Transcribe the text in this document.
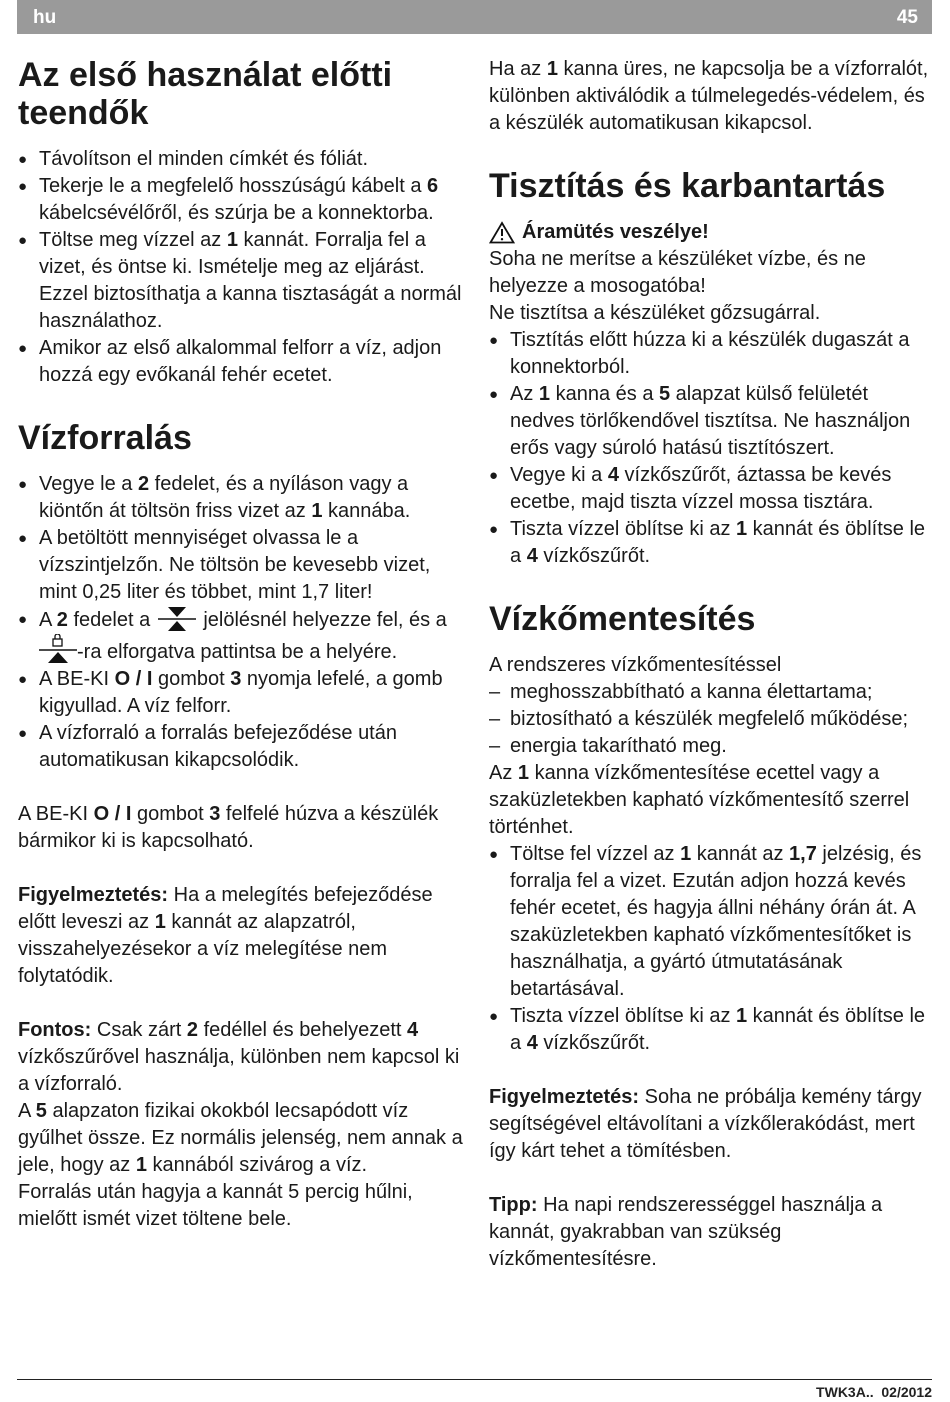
hu	45
Az első használat előtti teendők
● Távolítson el minden címkét és fóliát.
● Tekerje le a megfelelő hosszúságú kábelt a 6 kábelcsévélőről, és szúrja be a konnektorba.
● Töltse meg vízzel az 1 kannát. Forralja fel a vizet, és öntse ki. Ismételje meg az eljárást. Ezzel biztosíthatja a kanna tisztaságát a normál használathoz.
● Amikor az első alkalommal felforr a víz, adjon hozzá egy evőkanál fehér ecetet.
Vízforralás
● Vegye le a 2 fedelet, és a nyíláson vagy a kiöntőn át töltsön friss vizet az 1 kannába.
● A betöltött mennyiséget olvassa le a vízszintjelzőn. Ne töltsön be kevesebb vizet, mint 0,25 liter és többet, mint 1,7 liter!
● A 2 fedelet a  jelölésnél helyezze fel, és a -ra elforgatva pattintsa be a helyére.
● A BE-KI O / I gombot 3 nyomja lefelé, a gomb kigyullad. A víz felforr.
● A vízforraló a forralás befejeződése után automatikusan kikapcsolódik.
A BE-KI O / I gombot 3 felfelé húzva a készülék bármikor ki is kapcsolható.
Figyelmeztetés: Ha a melegítés befejeződése előtt leveszi az 1 kannát az alapzatról, visszahelyezésekor a víz melegítése nem folytatódik.
Fontos: Csak zárt 2 fedéllel és behelyezett 4 vízkőszűrővel használja, különben nem kapcsol ki a vízforraló.
A 5 alapzaton fizikai okokból lecsapódott víz gyűlhet össze. Ez normális jelenség, nem annak a jele, hogy az 1 kannából szivárog a víz.
Forralás után hagyja a kannát 5 percig hűlni, mielőtt ismét vizet töltene bele.
Ha az 1 kanna üres, ne kapcsolja be a vízforralót, különben aktiválódik a túlmelegedés-védelem, és a készülék automatikusan kikapcsol.
Tisztítás és karbantartás
Áramütés veszélye!
Soha ne merítse a készüléket vízbe, és ne helyezze a mosogatóba!
Ne tisztítsa a készüléket gőzsugárral.
● Tisztítás előtt húzza ki a készülék dugaszát a konnektorból.
● Az 1 kanna és a 5 alapzat külső felületét nedves törlőkendővel tisztítsa. Ne használjon erős vagy súroló hatású tisztítószert.
● Vegye ki a 4 vízkőszűrőt, áztassa be kevés ecetbe, majd tiszta vízzel mossa tisztára.
● Tiszta vízzel öblítse ki az 1 kannát és öblítse le a 4 vízkőszűrőt.
Vízkőmentesítés
A rendszeres vízkőmentesítéssel
– meghosszabbítható a kanna élettartama;
– biztosítható a készülék megfelelő működése;
– energia takarítható meg.
Az 1 kanna vízkőmentesítése ecettel vagy a szaküzletekben kapható vízkőmentesítő szerrel történhet.
● Töltse fel vízzel az 1 kannát az 1,7 jelzésig, és forralja fel a vizet. Ezután adjon hozzá kevés fehér ecetet, és hagyja állni néhány órán át. A szaküzletekben kapható vízkőmentesítőket is használhatja, a gyártó útmutatásának betartásával.
● Tiszta vízzel öblítse ki az 1 kannát és öblítse le a 4 vízkőszűrőt.
Figyelmeztetés: Soha ne próbálja kemény tárgy segítségével eltávolítani a vízkőlerakódást, mert így kárt tehet a tömítésben.
Tipp: Ha napi rendszerességgel használja a kannát, gyakrabban van szükség vízkőmentesítésre.
TWK3A.. 02/2012
